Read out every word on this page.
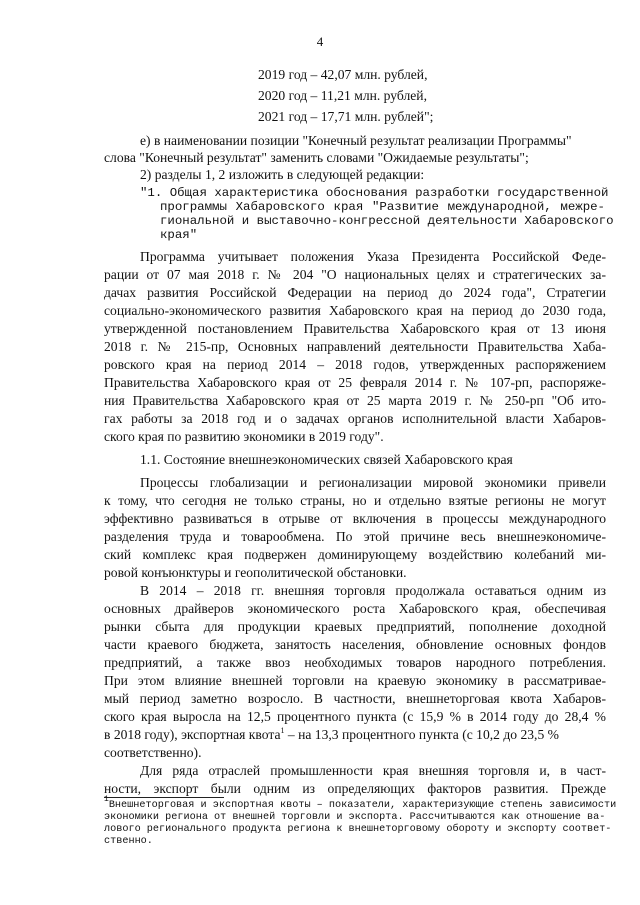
4
2019 год – 42,07 млн. рублей,
2020 год – 11,21 млн. рублей,
2021 год – 17,71 млн. рублей";
е) в наименовании позиции "Конечный результат реализации Программы"
слова "Конечный результат" заменить словами "Ожидаемые результаты";
2) разделы 1, 2 изложить в следующей редакции:
"1. Общая характеристика обоснования разработки государственной
программы Хабаровского края "Развитие международной, межре-
гиональной и выставочно-конгрессной деятельности Хабаровского
края"
Программа учитывает положения Указа Президента Российской Феде-
рации от 07 мая 2018 г. № 204 "О национальных целях и стратегических за-
дачах развития Российской Федерации на период до 2024 года", Стратегии
социально-экономического развития Хабаровского края на период до 2030 года,
утвержденной постановлением Правительства Хабаровского края от 13 июня
2018 г. № 215-пр, Основных направлений деятельности Правительства Хаба-
ровского края на период 2014 – 2018 годов, утвержденных распоряжением
Правительства Хабаровского края от 25 февраля 2014 г. № 107-рп, распоряже-
ния Правительства Хабаровского края от 25 марта 2019 г. № 250-рп "Об ито-
гах работы за 2018 год и о задачах органов исполнительной власти Хабаров-
ского края по развитию экономики в 2019 году".
1.1. Состояние внешнеэкономических связей Хабаровского края
Процессы глобализации и регионализации мировой экономики привели
к тому, что сегодня не только страны, но и отдельно взятые регионы не могут
эффективно развиваться в отрыве от включения в процессы международного
разделения труда и товарообмена. По этой причине весь внешнеэкономиче-
ский комплекс края подвержен доминирующему воздействию колебаний ми-
ровой конъюнктуры и геополитической обстановки.
В 2014 – 2018 гг. внешняя торговля продолжала оставаться одним из
основных драйверов экономического роста Хабаровского края, обеспечивая
рынки сбыта для продукции краевых предприятий, пополнение доходной
части краевого бюджета, занятость населения, обновление основных фондов
предприятий, а также ввоз необходимых товаров народного потребления.
При этом влияние внешней торговли на краевую экономику в рассматривае-
мый период заметно возросло. В частности, внешнеторговая квота Хабаров-
ского края выросла на 12,5 процентного пункта (с 15,9 % в 2014 году до 28,4 %
в 2018 году), экспортная квота$^1$ – на 13,3 процентного пункта (с 10,2 до 23,5 %
соответственно).
Для ряда отраслей промышленности края внешняя торговля и, в част-
ности, экспорт были одним из определяющих факторов развития. Прежде
$^1$Внешнеторговая и экспортная квоты – показатели, характеризующие степень зависимости
экономики региона от внешней торговли и экспорта. Рассчитываются как отношение ва-
лового регионального продукта региона к внешнеторговому обороту и экспорту соответ-
ственно.
